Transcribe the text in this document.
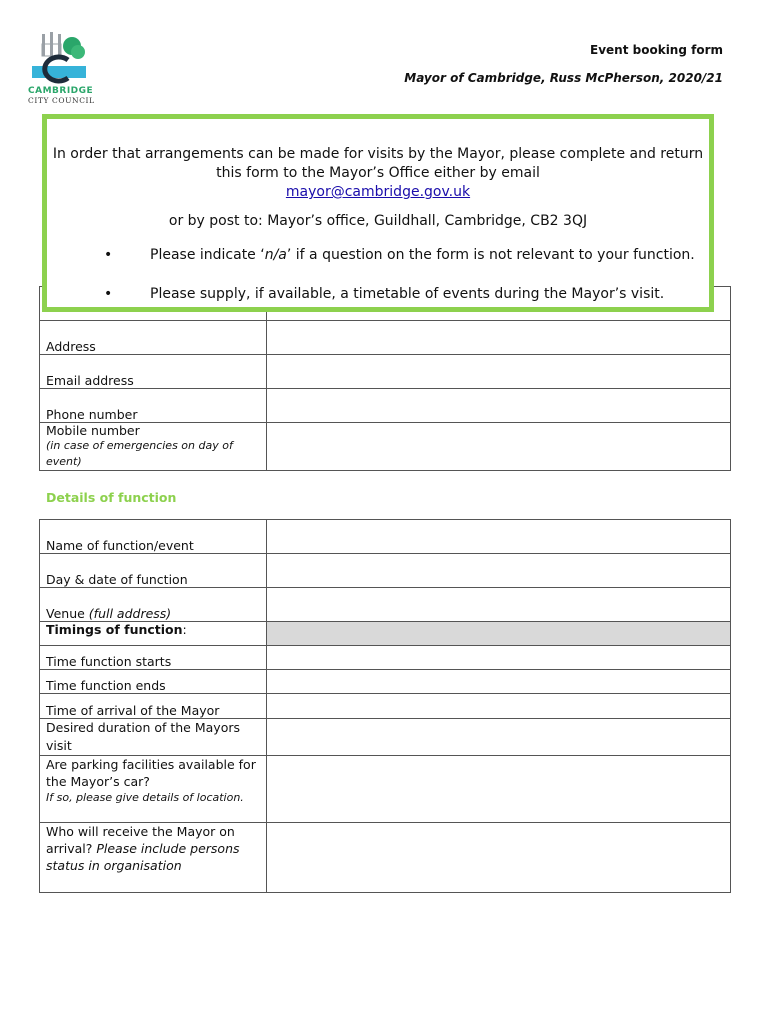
CAMBRIDGE
CITY COUNCIL
Event booking form
Mayor of Cambridge, Russ McPherson, 2020/21

Address	
Email address	
Phone number	
Mobile number
(in case of emergencies on day of event)	

In order that arrangements can be made for visits by the Mayor, please complete and return this form to the Mayor’s Office either by email
mayor@cambridge.gov.uk

or by post to: Mayor’s office, Guildhall, Cambridge, CB2 3QJ

•	Please indicate ‘n/a’ if a question on the form is not relevant to your function.
•	Please supply, if available, a timetable of events during the Mayor’s visit.
Details of function
Name of function/event	
Day & date of function	
Venue (full address)	
Timings of function:	
Time function starts	
Time function ends	
Time of arrival of the Mayor	
Desired duration of the Mayors visit	
Are parking facilities available for the Mayor’s car?
If so, please give details of location.	

Who will receive the Mayor on arrival? Please include persons status in organisation	
